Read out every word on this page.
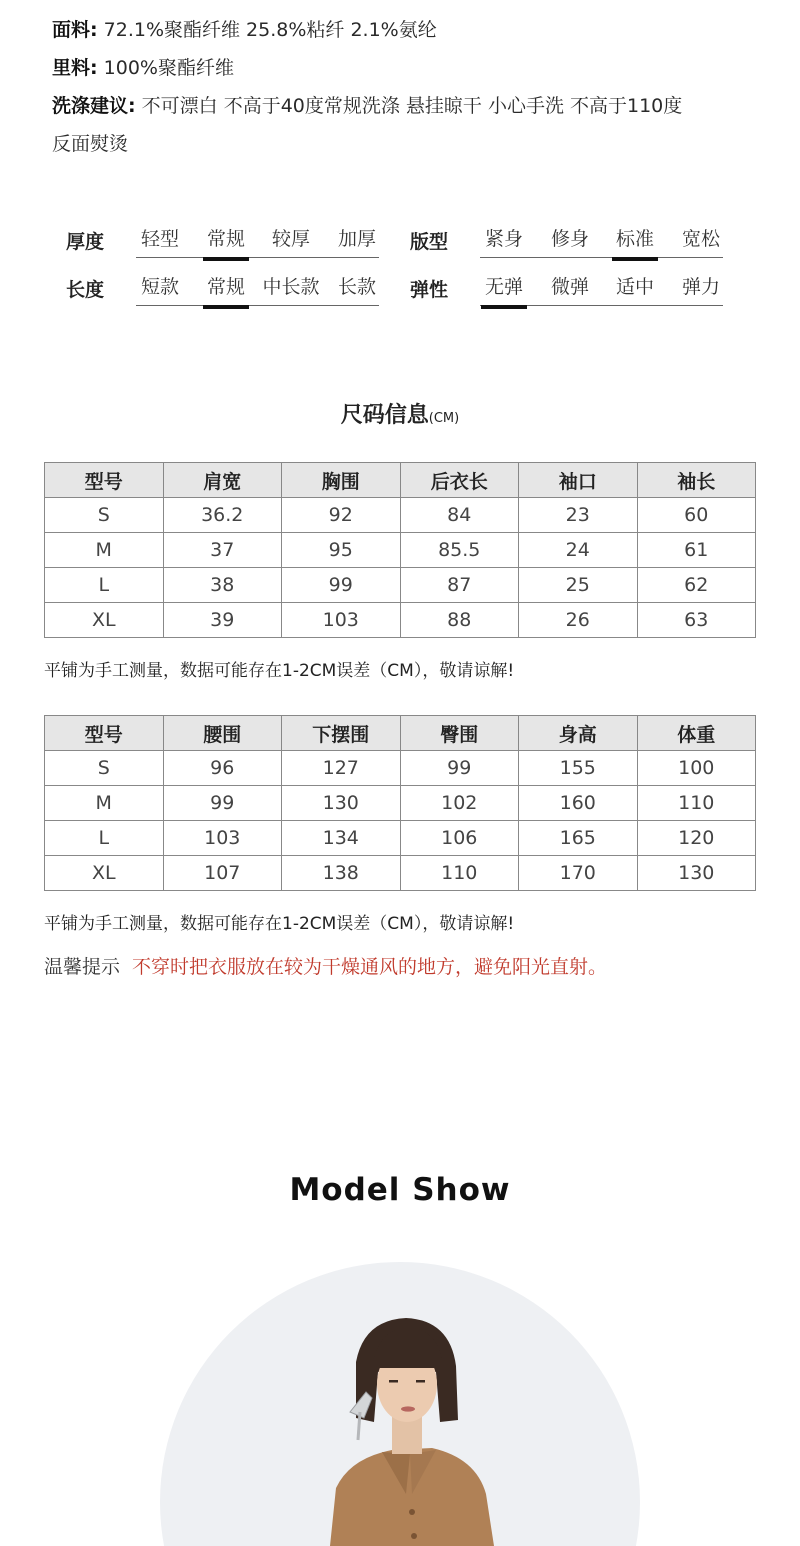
面料: 72.1%聚酯纤维 25.8%粘纤 2.1%氨纶
里料: 100%聚酯纤维
洗涤建议: 不可漂白 不高于40度常规洗涤 悬挂晾干 小心手洗 不高于110度
反面熨烫
厚度 轻型 常规 较厚 加厚 版型 紧身 修身 标准 宽松
长度 短款 常规 中长款 长款 弹性 无弹 微弹 适中 弹力
尺码信息(CM)
型号	肩宽	胸围	后衣长	袖口	袖长
S	36.2	92	84	23	60
M	37	95	85.5	24	61
L	38	99	87	25	62
XL	39	103	88	26	63
平铺为手工测量，数据可能存在1-2CM误差（CM），敬请谅解!
型号	腰围	下摆围	臀围	身高	体重
S	96	127	99	155	100
M	99	130	102	160	110
L	103	134	106	165	120
XL	107	138	110	170	130
平铺为手工测量，数据可能存在1-2CM误差（CM），敬请谅解!
温馨提示 不穿时把衣服放在较为干燥通风的地方，避免阳光直射。
Model Show
